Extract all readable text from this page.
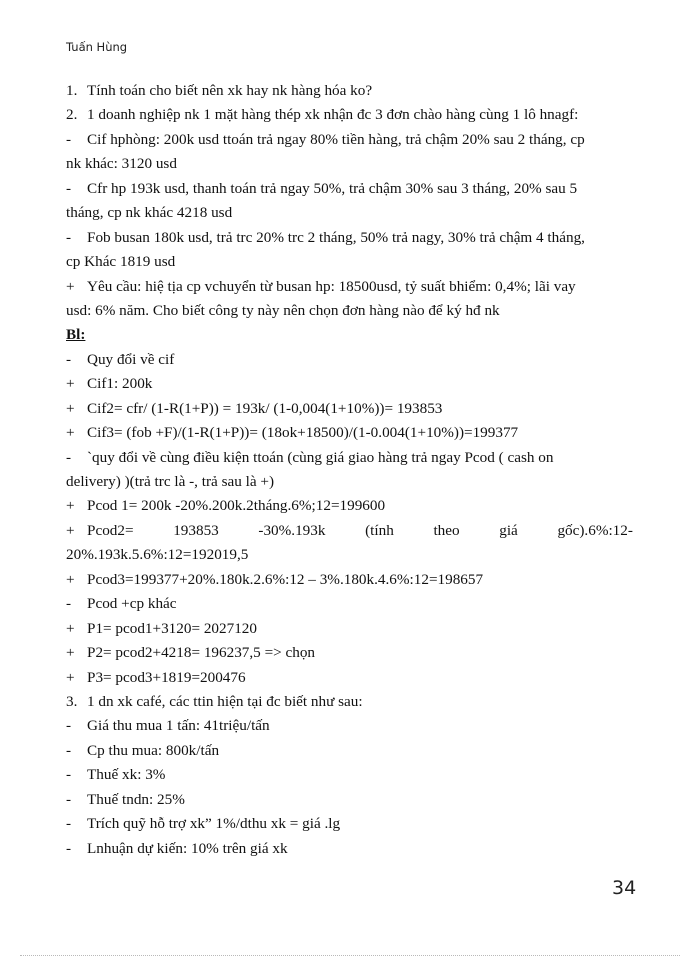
Tuấn Hùng
1. Tính toán cho biết nên xk hay nk hàng hóa ko?
2. 1 doanh nghiệp nk 1 mặt hàng thép xk nhận đc 3 đơn chào hàng cùng 1 lô hnagf:
- Cif hphòng: 200k usd ttoán trả ngay 80% tiền hàng, trả chậm 20% sau 2 tháng, cp
nk khác: 3120 usd
- Cfr hp 193k usd, thanh toán trả ngay 50%, trả chậm 30% sau 3 tháng, 20% sau 5
tháng, cp nk khác 4218 usd
- Fob busan 180k usd, trả trc 20% trc 2 tháng, 50% trả nagy, 30% trả chậm 4 tháng,
cp Khác 1819 usd
+ Yêu cầu: hiệ tịa cp vchuyển từ busan hp: 18500usd, tỷ suất bhiểm: 0,4%; lãi vay
usd: 6% năm. Cho biết công ty này nên chọn đơn hàng nào để ký hđ nk
Bl:
- Quy đổi về cif
+ Cif1: 200k
+ Cif2= cfr/ (1-R(1+P)) = 193k/ (1-0,004(1+10%))= 193853
+ Cif3= (fob +F)/(1-R(1+P))= (18ok+18500)/(1-0.004(1+10%))=199377
- `quy đổi về cùng điều kiện ttoán (cùng giá giao hàng trả ngay Pcod ( cash on
delivery) )(trả trc là -, trả sau là +)
+ Pcod 1= 200k -20%.200k.2tháng.6%;12=199600
+ Pcod2=	193853	-30%.193k	(tính	theo	giá	gốc).6%:12-
20%.193k.5.6%:12=192019,5
+ Pcod3=199377+20%.180k.2.6%:12 – 3%.180k.4.6%:12=198657
- Pcod +cp khác
+ P1= pcod1+3120= 2027120
+ P2= pcod2+4218= 196237,5 => chọn
+ P3= pcod3+1819=200476
3. 1 dn xk café, các ttin hiện tại đc biết như sau:
- Giá thu mua 1 tấn: 41triệu/tấn
- Cp thu mua: 800k/tấn
- Thuế xk: 3%
- Thuế tndn: 25%
- Trích quỹ hỗ trợ xk” 1%/dthu xk = giá .lg
- Lnhuận dự kiến: 10% trên giá xk
34
